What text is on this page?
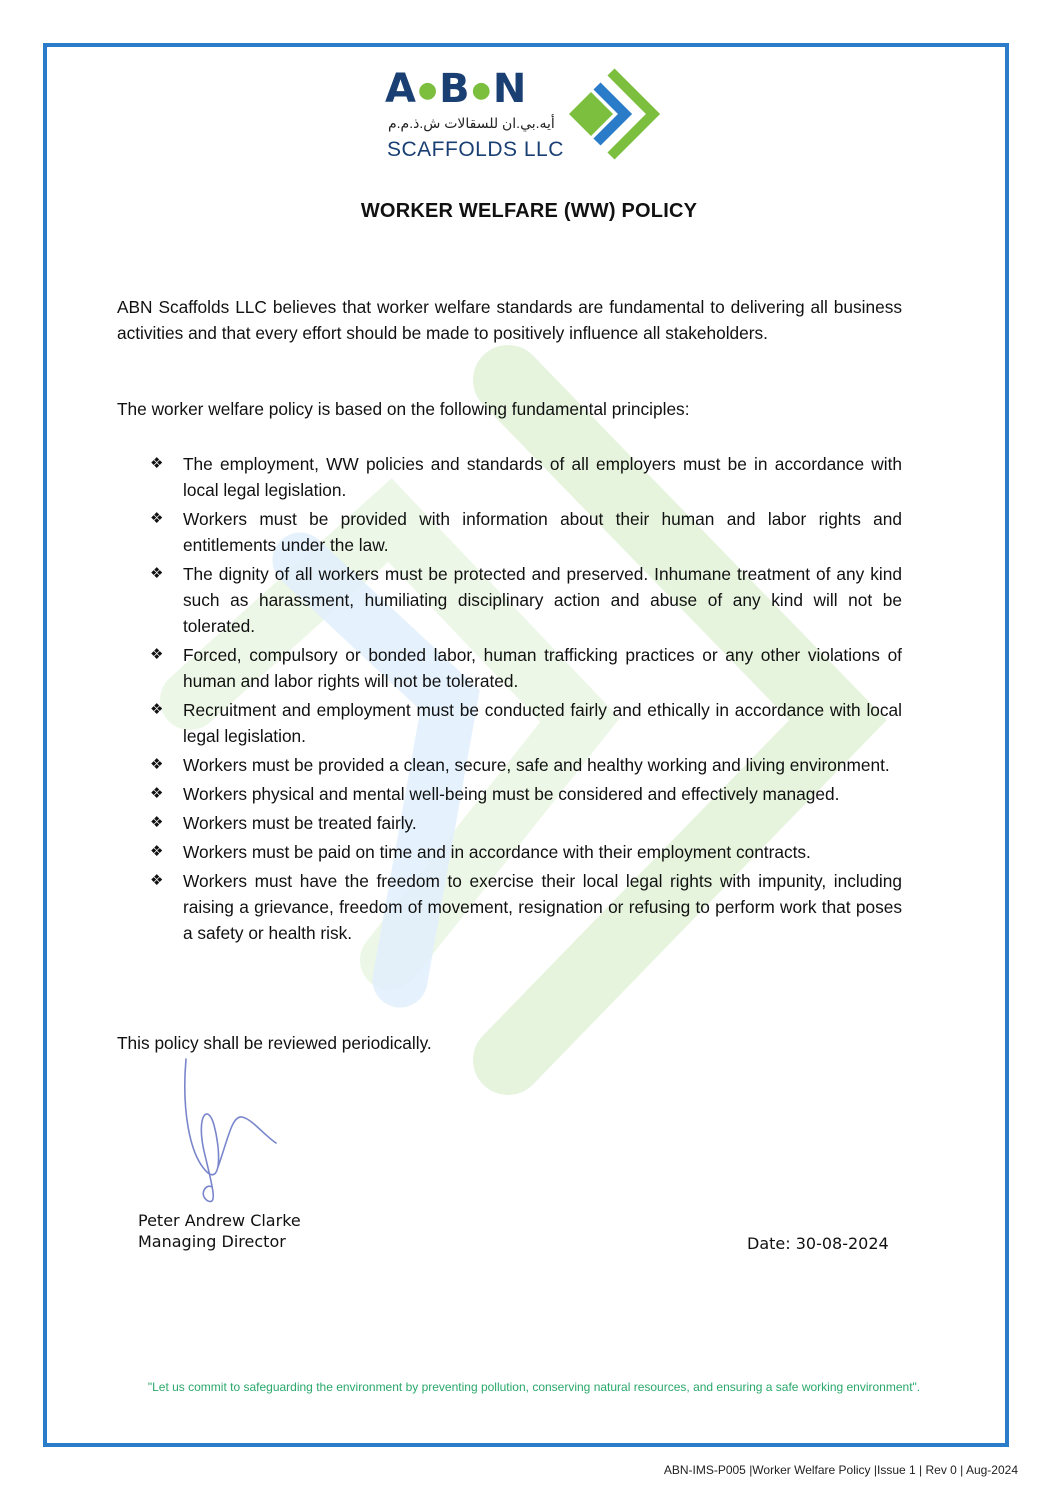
A●B●N
أيه.بي.ان للسقالات ش.ذ.م.م
SCAFFOLDS LLC
WORKER WELFARE (WW) POLICY
ABN Scaffolds LLC believes that worker welfare standards are fundamental to delivering all business activities and that every effort should be made to positively influence all stakeholders.
The worker welfare policy is based on the following fundamental principles:
❖ The employment, WW policies and standards of all employers must be in accordance with local legal legislation.
❖ Workers must be provided with information about their human and labor rights and entitlements under the law.
❖ The dignity of all workers must be protected and preserved. Inhumane treatment of any kind such as harassment, humiliating disciplinary action and abuse of any kind will not be tolerated.
❖ Forced, compulsory or bonded labor, human trafficking practices or any other violations of human and labor rights will not be tolerated.
❖ Recruitment and employment must be conducted fairly and ethically in accordance with local legal legislation.
❖ Workers must be provided a clean, secure, safe and healthy working and living environment.
❖ Workers physical and mental well-being must be considered and effectively managed.
❖ Workers must be treated fairly.
❖ Workers must be paid on time and in accordance with their employment contracts.
❖ Workers must have the freedom to exercise their local legal rights with impunity, including raising a grievance, freedom of movement, resignation or refusing to perform work that poses a safety or health risk.
This policy shall be reviewed periodically.
Peter Andrew Clarke
Managing Director	Date: 30-08-2024
"Let us commit to safeguarding the environment by preventing pollution, conserving natural resources, and ensuring a safe working environment".
ABN-IMS-P005 |Worker Welfare Policy |Issue 1 | Rev 0 | Aug-2024
